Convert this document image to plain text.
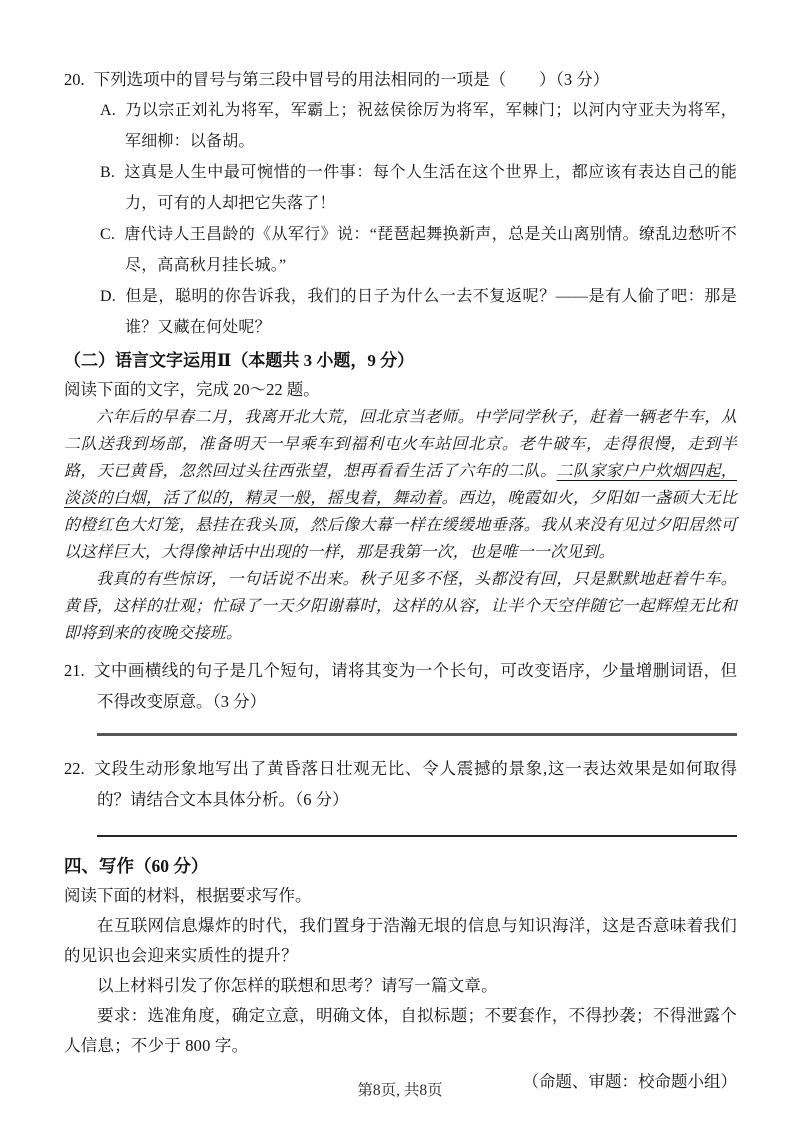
20. 下列选项中的冒号与第三段中冒号的用法相同的一项是（　　）（3 分）

A. 乃以宗正刘礼为将军，军霸上；祝兹侯徐厉为将军，军棘门；以河内守亚夫为将军，军细柳：以备胡。

B. 这真是人生中最可惋惜的一件事：每个人生活在这个世界上，都应该有表达自己的能力，可有的人却把它失落了！

C. 唐代诗人王昌龄的《从军行》说：“琵琶起舞换新声，总是关山离别情。缭乱边愁听不尽，高高秋月挂长城。”

D. 但是，聪明的你告诉我，我们的日子为什么一去不复返呢？——是有人偷了吧：那是谁？又藏在何处呢？

（二）语言文字运用Ⅱ（本题共 3 小题，9 分）

阅读下面的文字，完成 20～22 题。

六年后的早春二月，我离开北大荒，回北京当老师。中学同学秋子，赶着一辆老牛车，从二队送我到场部，准备明天一早乘车到福利屯火车站回北京。老牛破车，走得很慢，走到半路，天已黄昏，忽然回过头往西张望，想再看看生活了六年的二队。二队家家户户炊烟四起，淡淡的白烟，活了似的，精灵一般，摇曳着，舞动着。西边，晚霞如火，夕阳如一盏硕大无比的橙红色大灯笼，悬挂在我头顶，然后像大幕一样在缓缓地垂落。我从来没有见过夕阳居然可以这样巨大，大得像神话中出现的一样，那是我第一次，也是唯一一次见到。

我真的有些惊讶，一句话说不出来。秋子见多不怪，头都没有回，只是默默地赶着牛车。黄昏，这样的壮观；忙碌了一天夕阳谢幕时，这样的从容，让半个天空伴随它一起辉煌无比和即将到来的夜晚交接班。

21. 文中画横线的句子是几个短句，请将其变为一个长句，可改变语序，少量增删词语，但不得改变原意。（3 分）

22. 文段生动形象地写出了黄昏落日壮观无比、令人震撼的景象,这一表达效果是如何取得的？请结合文本具体分析。（6 分）

四、写作（60 分）

阅读下面的材料，根据要求写作。

在互联网信息爆炸的时代，我们置身于浩瀚无垠的信息与知识海洋，这是否意味着我们的见识也会迎来实质性的提升？

以上材料引发了你怎样的联想和思考？请写一篇文章。

要求：选准角度，确定立意，明确文体，自拟标题；不要套作，不得抄袭；不得泄露个人信息；不少于 800 字。

（命题、审题：校命题小组）

第8页, 共8页
